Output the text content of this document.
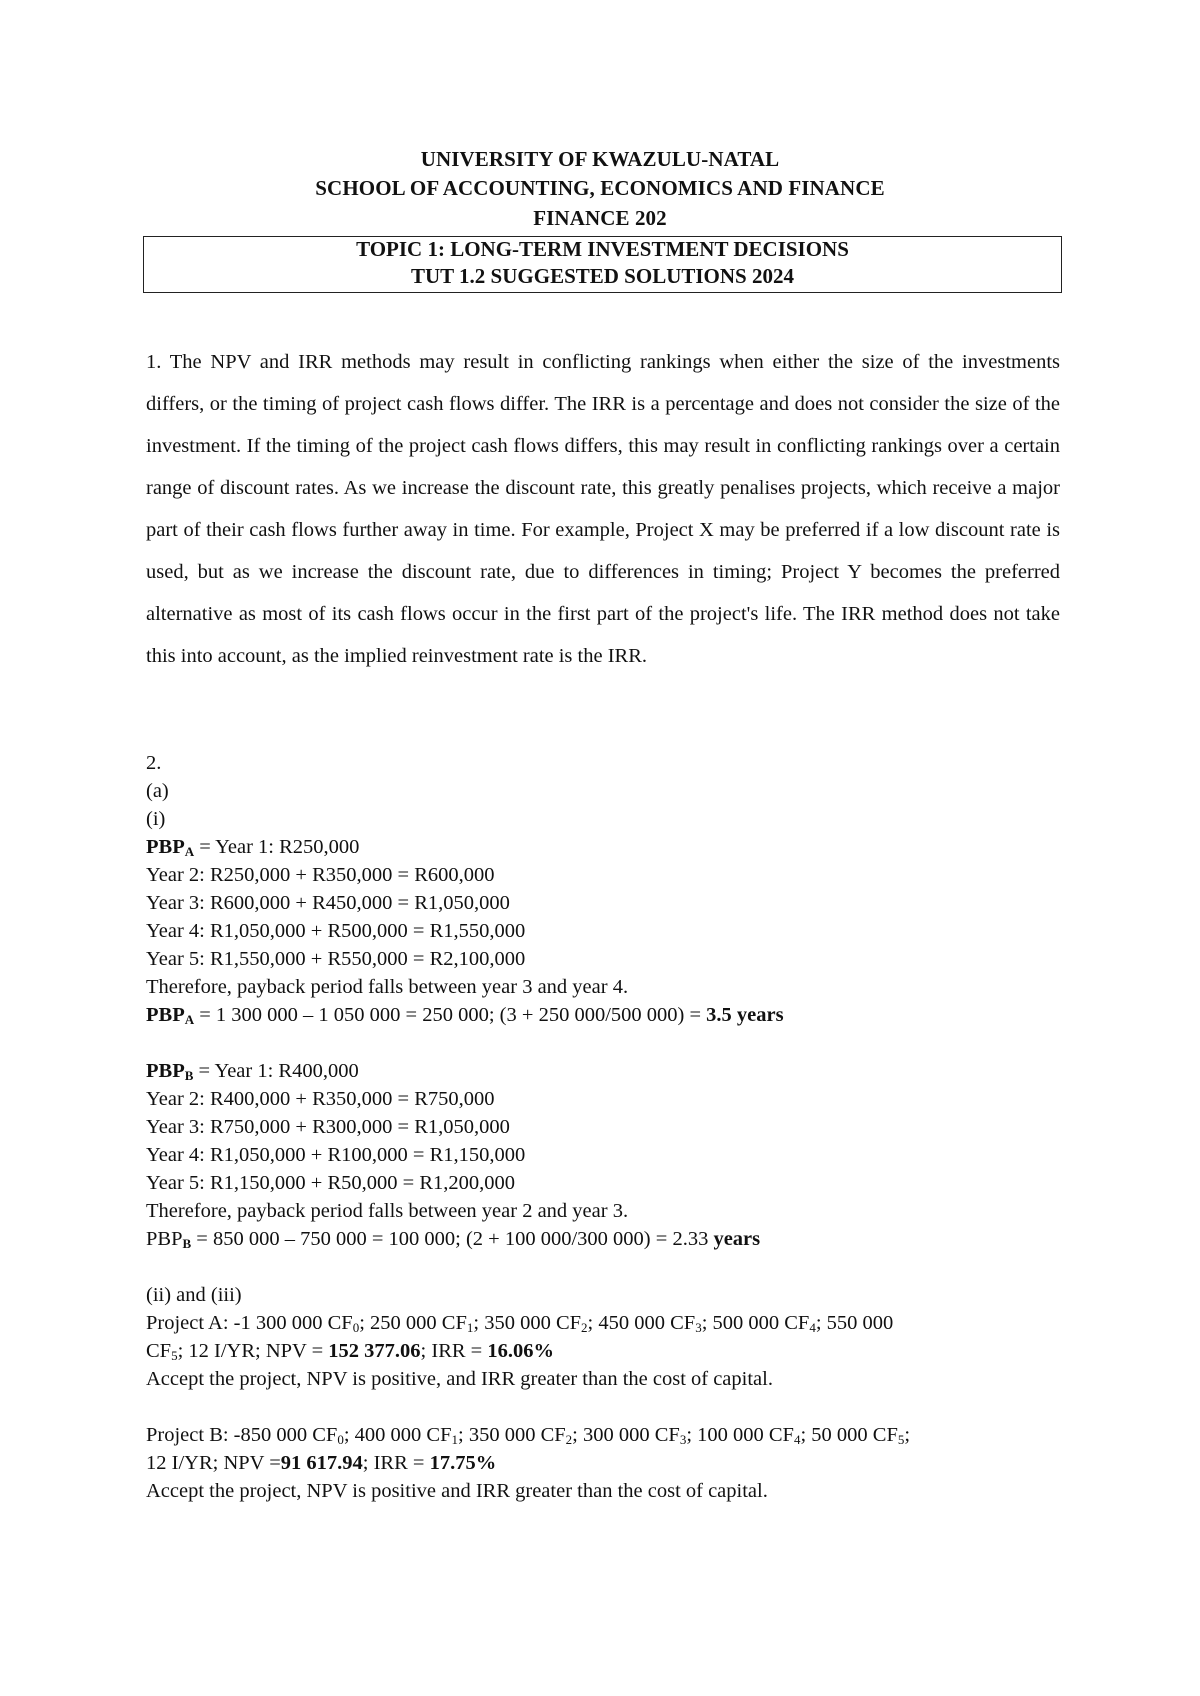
UNIVERSITY OF KWAZULU-NATAL
SCHOOL OF ACCOUNTING, ECONOMICS AND FINANCE
FINANCE 202
TOPIC 1: LONG-TERM INVESTMENT DECISIONS
TUT 1.2 SUGGESTED SOLUTIONS 2024

1. The NPV and IRR methods may result in conflicting rankings when either the size of the investments differs, or the timing of project cash flows differ. The IRR is a percentage and does not consider the size of the investment. If the timing of the project cash flows differs, this may result in conflicting rankings over a certain range of discount rates. As we increase the discount rate, this greatly penalises projects, which receive a major part of their cash flows further away in time. For example, Project X may be preferred if a low discount rate is used, but as we increase the discount rate, due to differences in timing; Project Y becomes the preferred alternative as most of its cash flows occur in the first part of the project's life. The IRR method does not take this into account, as the implied reinvestment rate is the IRR.

2.
(a)
(i)
$PBP_A$ = Year 1: R250,000
Year 2: R250,000 + R350,000 = R600,000
Year 3: R600,000 + R450,000 = R1,050,000
Year 4: R1,050,000 + R500,000 = R1,550,000
Year 5: R1,550,000 + R550,000 = R2,100,000
Therefore, payback period falls between year 3 and year 4.
$PBP_A = 1$ 300 000 – 1 050 000 = 250 000; (3 + 250 000/500 000) = 3.5 years
$PBP_B$ = Year 1: R400,000
Year 2: R400,000 + R350,000 = R750,000
Year 3: R750,000 + R300,000 = R1,050,000
Year 4: R1,050,000 + R100,000 = R1,150,000
Year 5: R1,150,000 + R50,000 = R1,200,000
Therefore, payback period falls between year 2 and year 3.
$PBP_B = 850$ 000 – 750 000 = 100 000; (2 + 100 000/300 000) = 2.33 years
(ii) and (iii)
Project A: -1 300 000 $CF_0$; 250 000 $CF_1$; 350 000 $CF_2$; 450 000 $CF_3$; 500 000 $CF_4$; 550 000
$CF_5$; 12 I/YR; NPV = 152 377.06; IRR = 16.06%
Accept the project, NPV is positive, and IRR greater than the cost of capital.
Project B: -850 000 $CF_0$; 400 000 $CF_1$; 350 000 $CF_2$; 300 000 $CF_3$; 100 000 $CF_4$; 50 000 $CF_5$;
12 I/YR; NPV =91 617.94; IRR = 17.75%
Accept the project, NPV is positive and IRR greater than the cost of capital.
